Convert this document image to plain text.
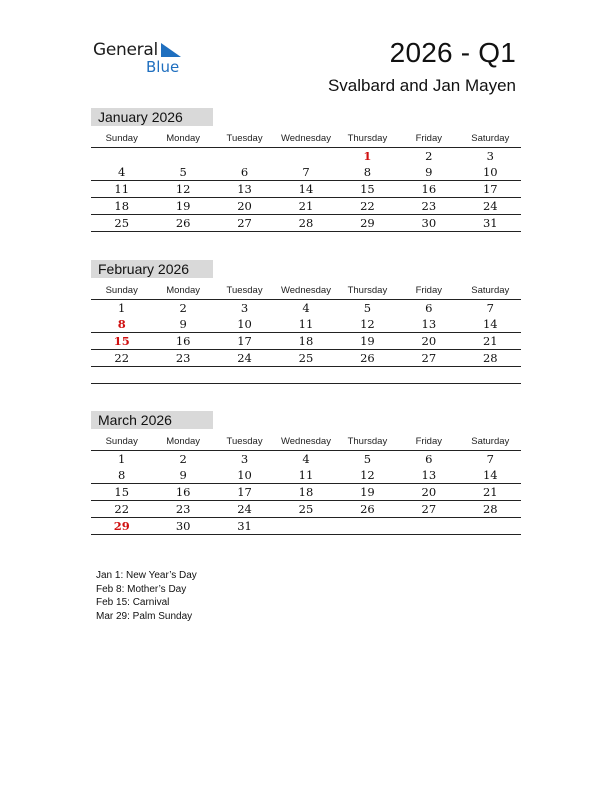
General
Blue	2026 - Q1
Svalbard and Jan Mayen
January 2026
Sunday	Monday	Tuesday	Wednesday	Thursday	Friday	Saturday
				1	2	3
4	5	6	7	8	9	10
11	12	13	14	15	16	17
18	19	20	21	22	23	24
25	26	27	28	29	30	31
February 2026
Sunday	Monday	Tuesday	Wednesday	Thursday	Friday	Saturday
1	2	3	4	5	6	7
8	9	10	11	12	13	14
15	16	17	18	19	20	21
22	23	24	25	26	27	28

March 2026
Sunday	Monday	Tuesday	Wednesday	Thursday	Friday	Saturday
1	2	3	4	5	6	7
8	9	10	11	12	13	14
15	16	17	18	19	20	21
22	23	24	25	26	27	28
29	30	31				
Jan 1: New Year’s Day
Feb 8: Mother’s Day
Feb 15: Carnival
Mar 29: Palm Sunday
